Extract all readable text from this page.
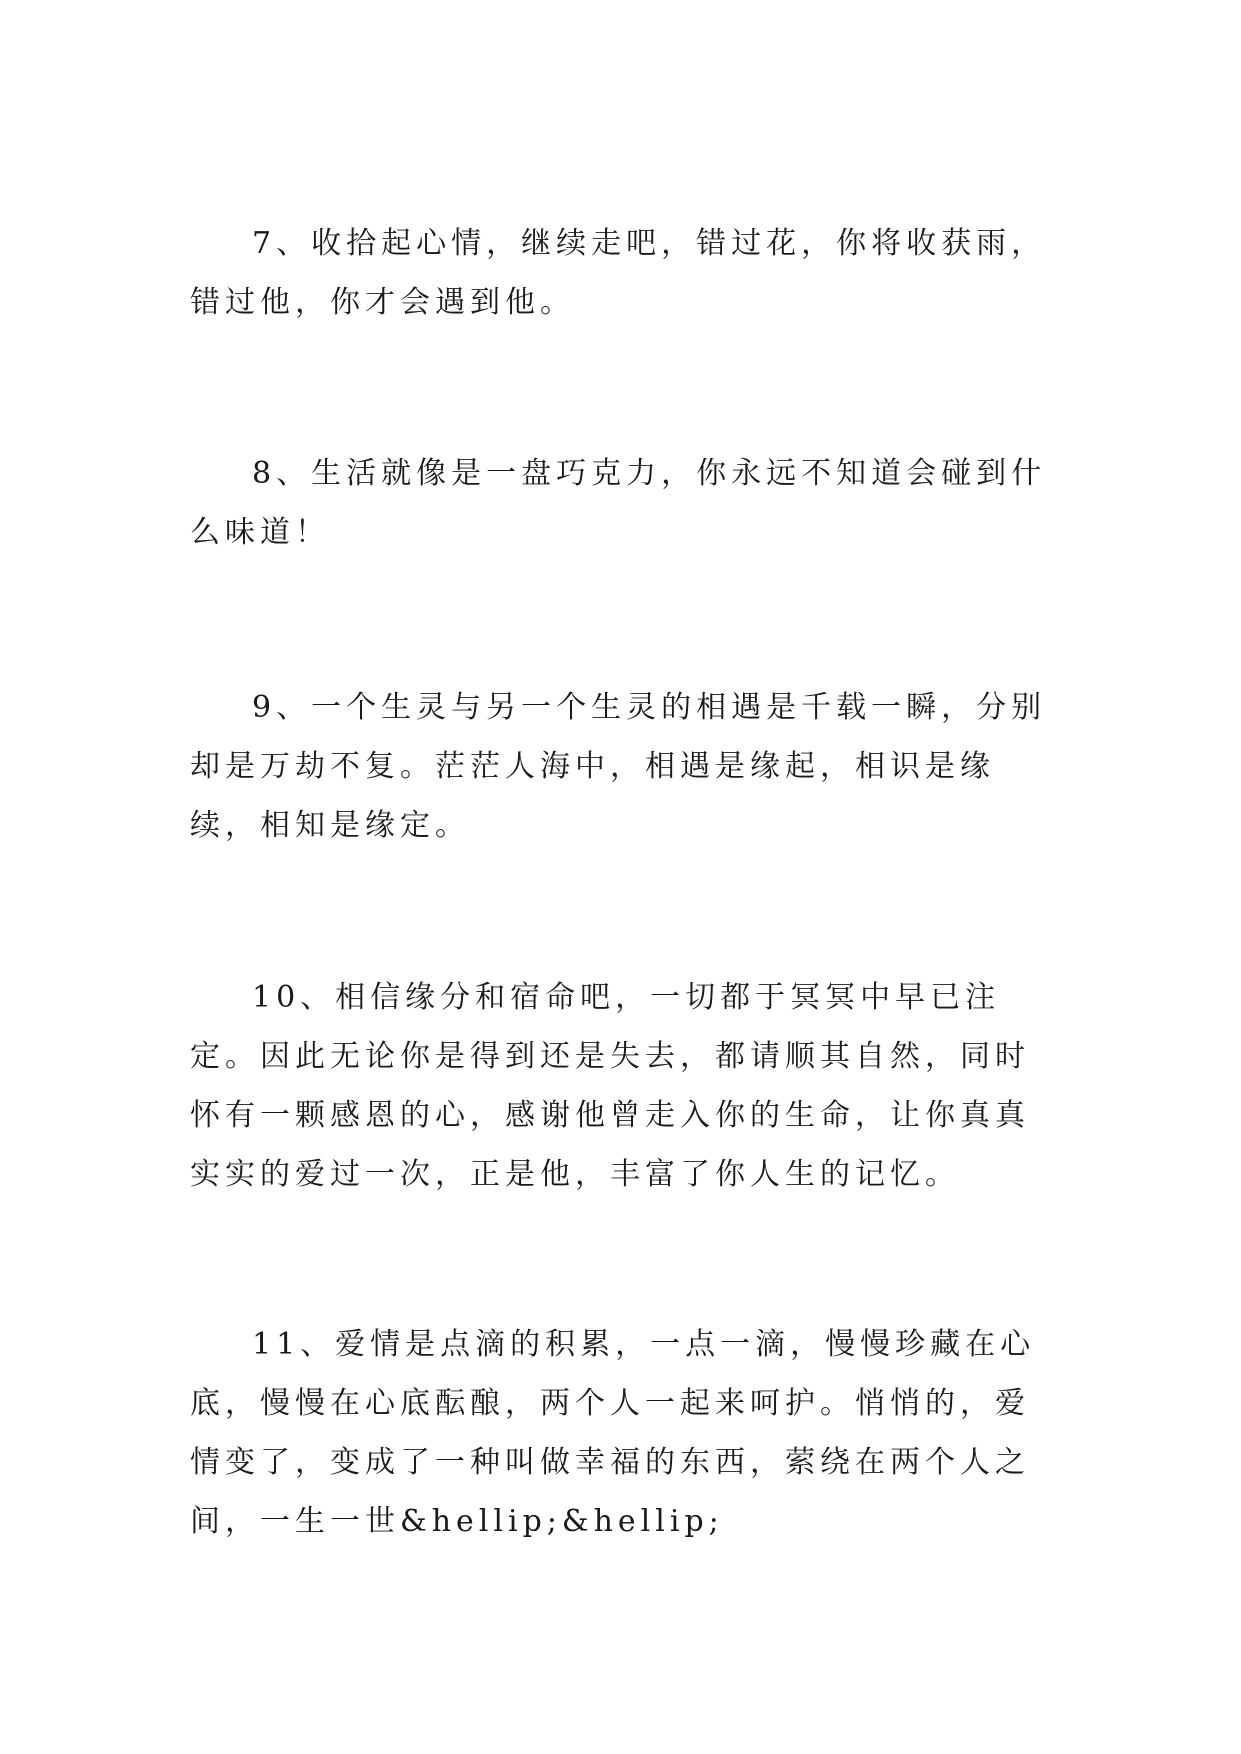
7、收拾起心情，继续走吧，错过花，你将收获雨，错过他，你才会遇到他。

8、生活就像是一盘巧克力，你永远不知道会碰到什么味道！

9、一个生灵与另一个生灵的相遇是千载一瞬，分别却是万劫不复。茫茫人海中，相遇是缘起，相识是缘续，相知是缘定。

10、相信缘分和宿命吧，一切都于冥冥中早已注定。因此无论你是得到还是失去，都请顺其自然，同时怀有一颗感恩的心，感谢他曾走入你的生命，让你真真实实的爱过一次，正是他，丰富了你人生的记忆。

11、爱情是点滴的积累，一点一滴，慢慢珍藏在心底，慢慢在心底酝酿，两个人一起来呵护。悄悄的，爱情变了，变成了一种叫做幸福的东西，萦绕在两个人之间，一生一世&hellip;&hellip;
